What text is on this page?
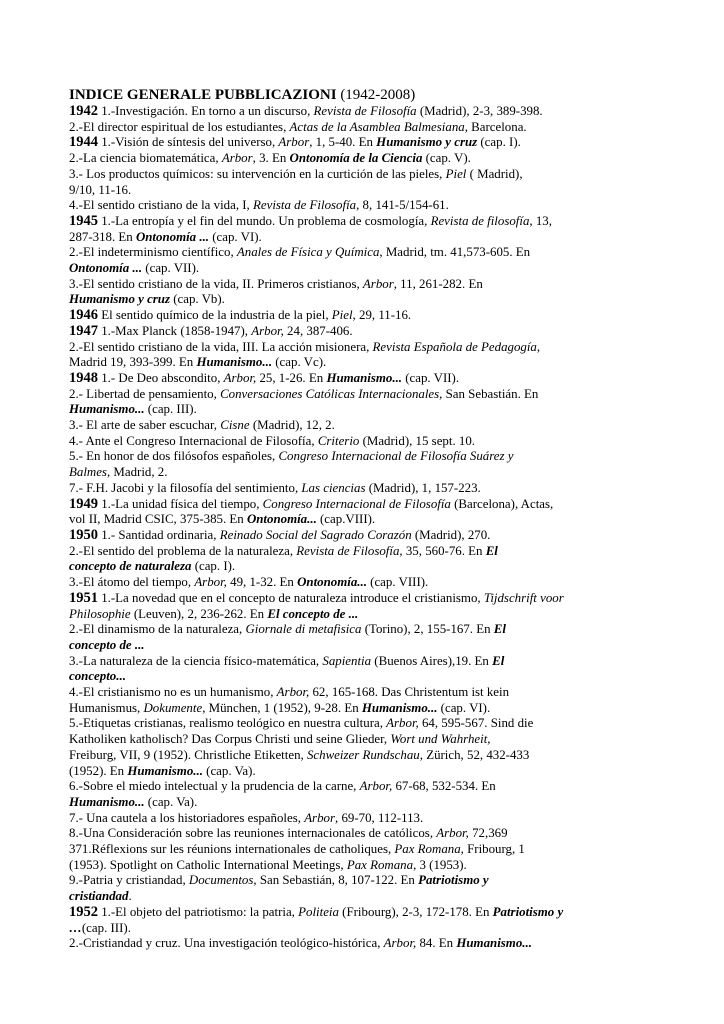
INDICE GENERALE PUBBLICAZIONI (1942-2008)
1942 1.-Investigación. En torno a un discurso, Revista de Filosofía (Madrid), 2-3, 389-398.
2.-El director espiritual de los estudiantes, Actas de la Asamblea Balmesiana, Barcelona.
1944 1.-Visión de síntesis del universo, Arbor, 1, 5-40. En Humanismo y cruz (cap. I).
2.-La ciencia biomatemática, Arbor, 3. En Ontonomía de la Ciencia (cap. V).
3.- Los productos químicos: su intervención en la curtición de las pieles, Piel ( Madrid),
9/10, 11-16.
4.-El sentido cristiano de la vida, I, Revista de Filosofía, 8, 141-5/154-61.
1945 1.-La entropía y el fin del mundo. Un problema de cosmología, Revista de filosofía, 13,
287-318. En Ontonomía ... (cap. VI).
2.-El indeterminismo científico, Anales de Física y Química, Madrid, tm. 41,573-605. En
Ontonomía ... (cap. VII).
3.-El sentido cristiano de la vida, II. Primeros cristianos, Arbor, 11, 261-282. En
Humanismo y cruz (cap. Vb).
1946 El sentido químico de la industria de la piel, Piel, 29, 11-16.
1947 1.-Max Planck (1858-1947), Arbor, 24, 387-406.
2.-El sentido cristiano de la vida, III. La acción misionera, Revista Española de Pedagogía,
Madrid 19, 393-399. En Humanismo... (cap. Vc).
1948 1.- De Deo abscondito, Arbor, 25, 1-26. En Humanismo... (cap. VII).
2.- Libertad de pensamiento, Conversaciones Católicas Internacionales, San Sebastián. En
Humanismo... (cap. III).
3.- El arte de saber escuchar, Cisne (Madrid), 12, 2.
4.- Ante el Congreso Internacional de Filosofía, Criterio (Madrid), 15 sept. 10.
5.- En honor de dos filósofos españoles, Congreso Internacional de Filosofía Suárez y
Balmes, Madrid, 2.
7.- F.H. Jacobi y la filosofía del sentimiento, Las ciencias (Madrid), 1, 157-223.
1949 1.-La unidad física del tiempo, Congreso Internacional de Filosofía (Barcelona), Actas,
vol II, Madrid CSIC, 375-385. En Ontonomía... (cap.VIII).
1950 1.- Santidad ordinaria, Reinado Social del Sagrado Corazón (Madrid), 270.
2.-El sentido del problema de la naturaleza, Revista de Filosofía, 35, 560-76. En El
concepto de naturaleza (cap. I).
3.-El átomo del tiempo, Arbor, 49, 1-32. En Ontonomía... (cap. VIII).
1951 1.-La novedad que en el concepto de naturaleza introduce el cristianismo, Tijdschrift voor
Philosophie (Leuven), 2, 236-262. En El concepto de ...
2.-El dinamismo de la naturaleza, Giornale di metafisica (Torino), 2, 155-167. En El
concepto de ...
3.-La naturaleza de la ciencia físico-matemática, Sapientia (Buenos Aires),19. En El
concepto...
4.-El cristianismo no es un humanismo, Arbor, 62, 165-168. Das Christentum ist kein
Humanismus, Dokumente, München, 1 (1952), 9-28. En Humanismo... (cap. VI).
5.-Etiquetas cristianas, realismo teológico en nuestra cultura, Arbor, 64, 595-567. Sind die
Katholiken katholisch? Das Corpus Christi und seine Glieder, Wort und Wahrheit,
Freiburg, VII, 9 (1952). Christliche Etiketten, Schweizer Rundschau, Zürich, 52, 432-433
(1952). En Humanismo... (cap. Va).
6.-Sobre el miedo intelectual y la prudencia de la carne, Arbor, 67-68, 532-534. En
Humanismo... (cap. Va).
7.- Una cautela a los historiadores españoles, Arbor, 69-70, 112-113.
8.-Una Consideración sobre las reuniones internacionales de católicos, Arbor, 72,369
371.Réflexions sur les réunions internationales de catholiques, Pax Romana, Fribourg, 1
(1953). Spotlight on Catholic International Meetings, Pax Romana, 3 (1953).
9.-Patria y cristiandad, Documentos, San Sebastián, 8, 107-122. En Patriotismo y
cristiandad.
1952 1.-El objeto del patriotismo: la patria, Politeia (Fribourg), 2-3, 172-178. En Patriotismo y
…(cap. III).
2.-Cristiandad y cruz. Una investigación teológico-histórica, Arbor, 84. En Humanismo...
